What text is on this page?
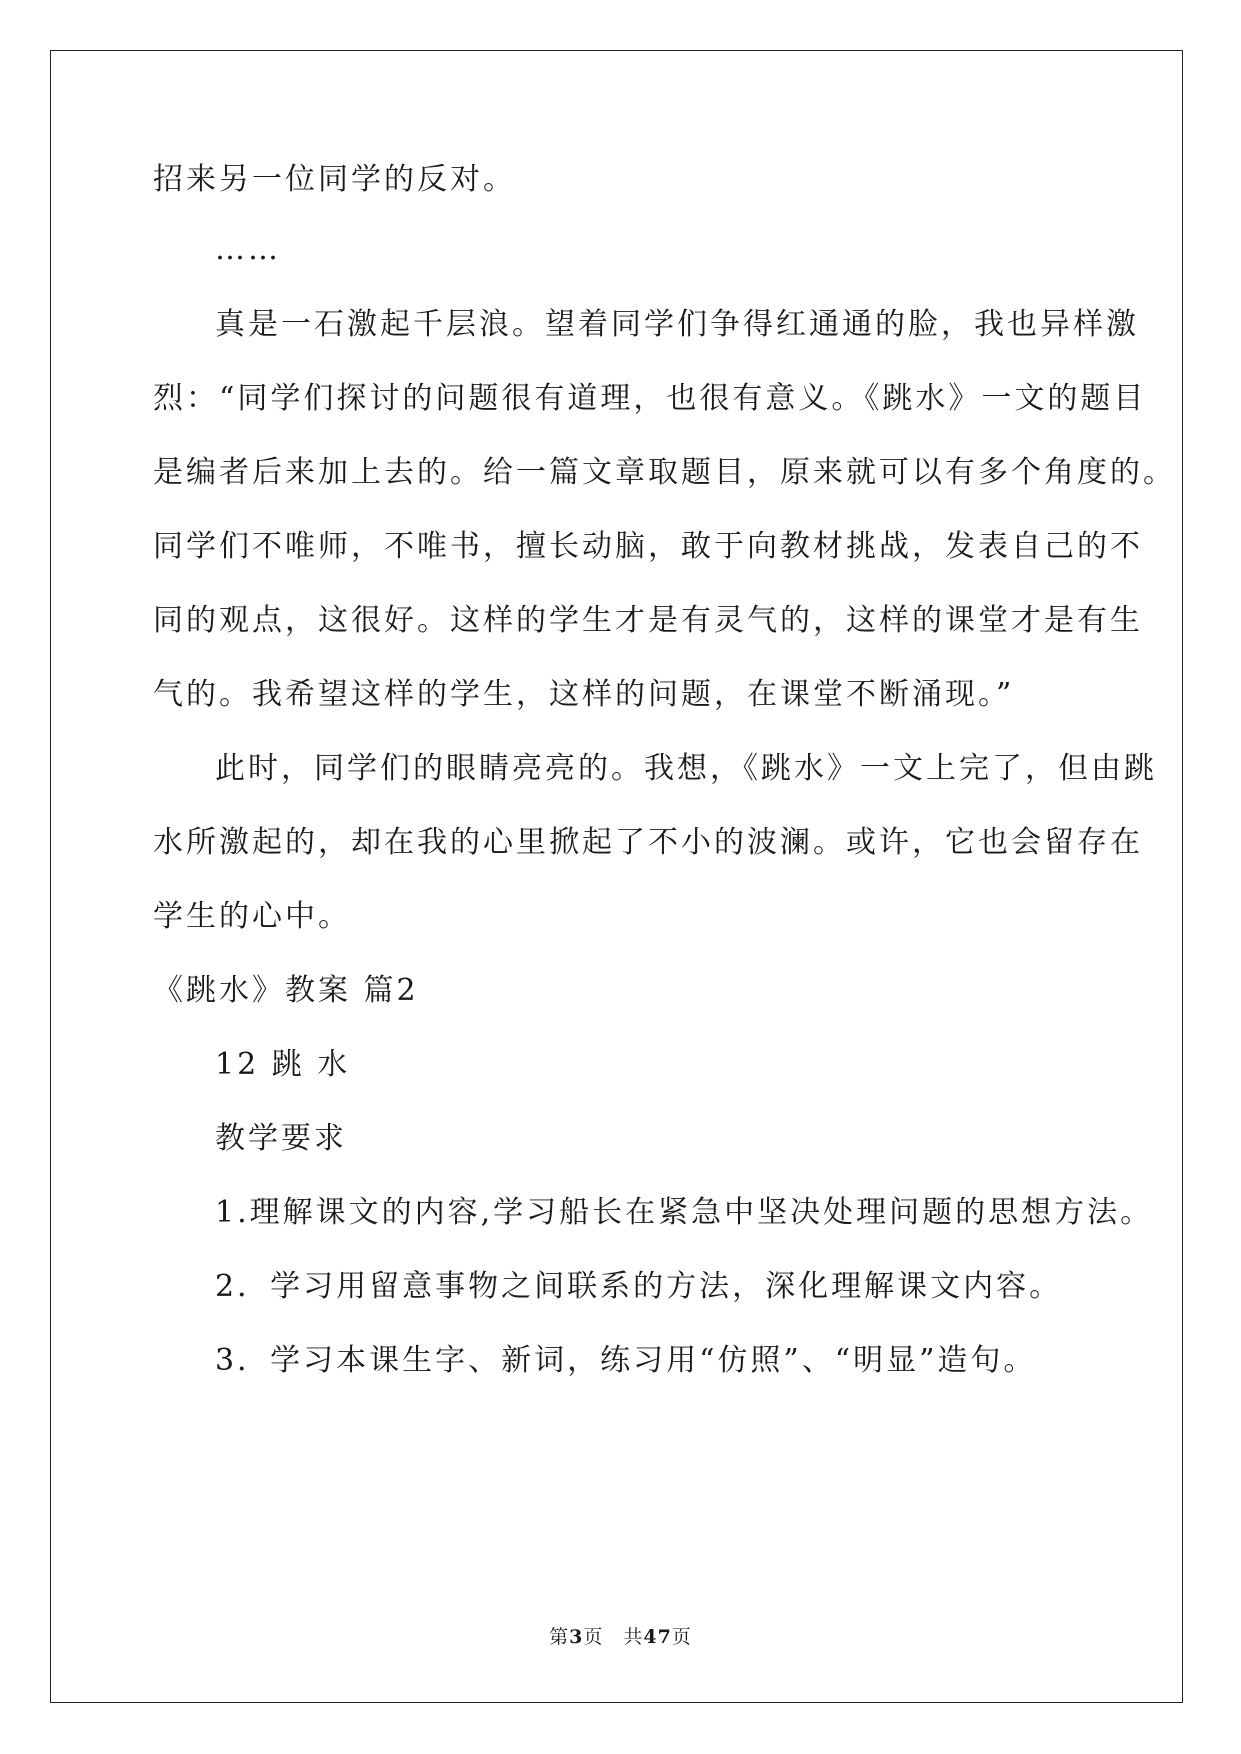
招来另一位同学的反对。
……
真是一石激起千层浪。望着同学们争得红通通的脸，我也异样激
烈：“同学们探讨的问题很有道理，也很有意义。《跳水》一文的题目
是编者后来加上去的。给一篇文章取题目，原来就可以有多个角度的。
同学们不唯师，不唯书，擅长动脑，敢于向教材挑战，发表自己的不
同的观点，这很好。这样的学生才是有灵气的，这样的课堂才是有生
气的。我希望这样的学生，这样的问题，在课堂不断涌现。”
此时，同学们的眼睛亮亮的。我想，《跳水》一文上完了，但由跳
水所激起的，却在我的心里掀起了不小的波澜。或许，它也会留存在
学生的心中。
《跳水》教案 篇2
12 跳 水
教学要求
1.理解课文的内容,学习船长在紧急中坚决处理问题的思想方法。
2．学习用留意事物之间联系的方法，深化理解课文内容。
3．学习本课生字、新词，练习用“仿照”、“明显”造句。
第3页　共47页
